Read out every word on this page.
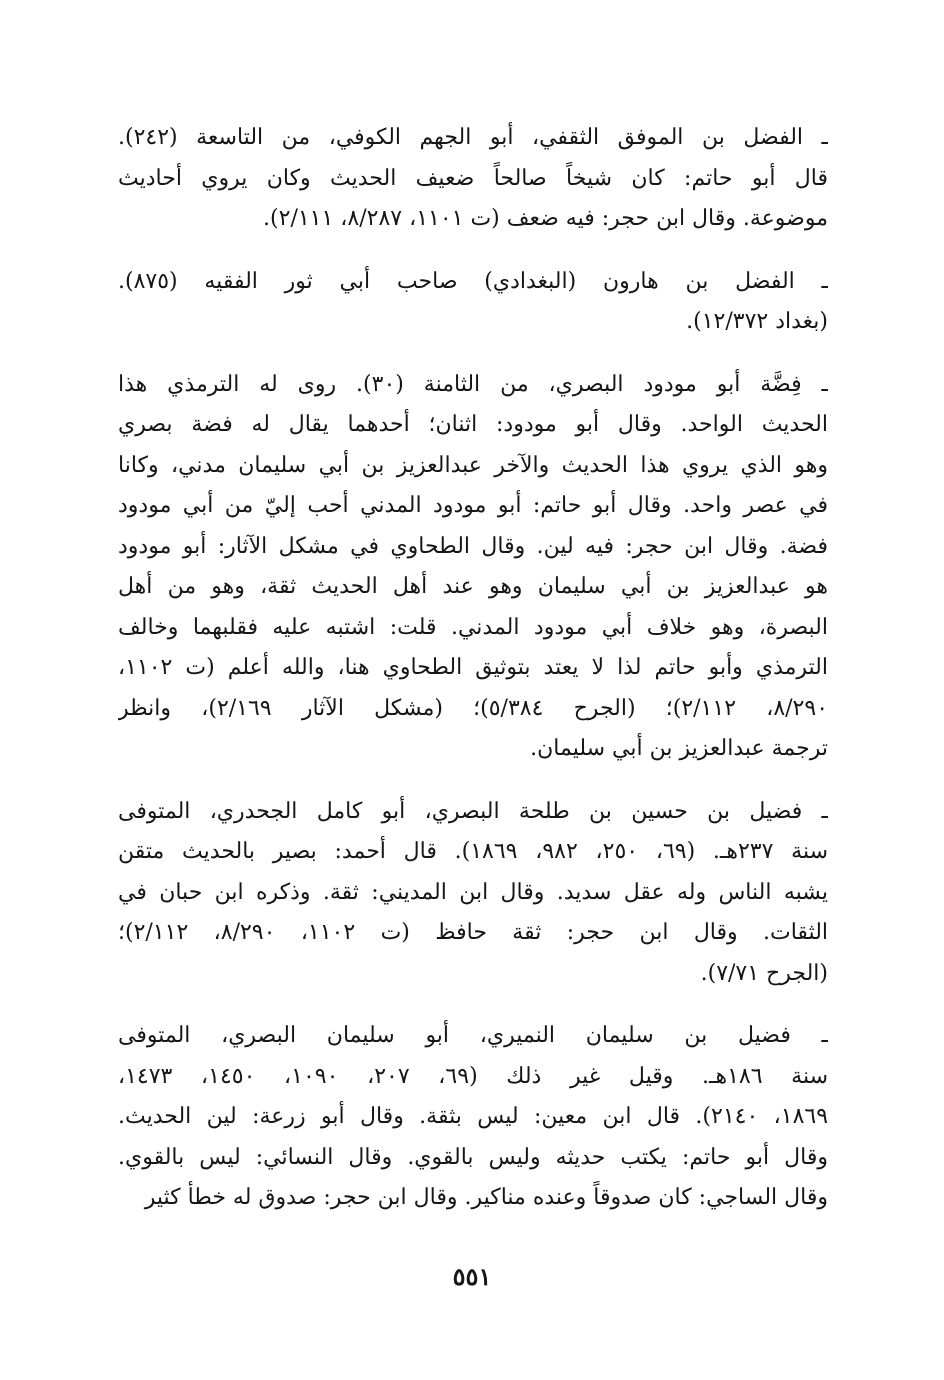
ـ الفضل بن الموفق الثقفي، أبو الجهم الكوفي، من التاسعة (٢٤٢).
قال أبو حاتم: كان شيخاً صالحاً ضعيف الحديث وكان يروي أحاديث
موضوعة. وقال ابن حجر: فيه ضعف (ت ١١٠١، ٨/٢٨٧، ٢/١١١).
ـ الفضل بن هارون (البغدادي) صاحب أبي ثور الفقيه (٨٧٥).
(بغداد ١٢/٣٧٢).
ـ فِضَّة أبو مودود البصري، من الثامنة (٣٠). روى له الترمذي هذا
الحديث الواحد. وقال أبو مودود: اثنان؛ أحدهما يقال له فضة بصري
وهو الذي يروي هذا الحديث والآخر عبدالعزيز بن أبي سليمان مدني، وكانا
في عصر واحد. وقال أبو حاتم: أبو مودود المدني أحب إليّ من أبي مودود
فضة. وقال ابن حجر: فيه لين. وقال الطحاوي في مشكل الآثار: أبو مودود
هو عبدالعزيز بن أبي سليمان وهو عند أهل الحديث ثقة، وهو من أهل
البصرة، وهو خلاف أبي مودود المدني. قلت: اشتبه عليه فقلبهما وخالف
الترمذي وأبو حاتم لذا لا يعتد بتوثيق الطحاوي هنا، والله أعلم (ت ١١٠٢،
٨/٢٩٠، ٢/١١٢)؛ (الجرح ٥/٣٨٤)؛ (مشكل الآثار ٢/١٦٩)، وانظر
ترجمة عبدالعزيز بن أبي سليمان.
ـ فضيل بن حسين بن طلحة البصري، أبو كامل الجحدري، المتوفى
سنة ٢٣٧هـ. (٦٩، ٢٥٠، ٩٨٢، ١٨٦٩). قال أحمد: بصير بالحديث متقن
يشبه الناس وله عقل سديد. وقال ابن المديني: ثقة. وذكره ابن حبان في
الثقات. وقال ابن حجر: ثقة حافظ (ت ١١٠٢، ٨/٢٩٠، ٢/١١٢)؛
(الجرح ٧/٧١).
ـ فضيل بن سليمان النميري، أبو سليمان البصري، المتوفى
سنة ١٨٦هـ. وقيل غير ذلك (٦٩، ٢٠٧، ١٠٩٠، ١٤٥٠، ١٤٧٣،
١٨٦٩، ٢١٤٠). قال ابن معين: ليس بثقة. وقال أبو زرعة: لين الحديث.
وقال أبو حاتم: يكتب حديثه وليس بالقوي. وقال النسائي: ليس بالقوي.
وقال الساجي: كان صدوقاً وعنده مناكير. وقال ابن حجر: صدوق له خطأ كثير
٥٥١
